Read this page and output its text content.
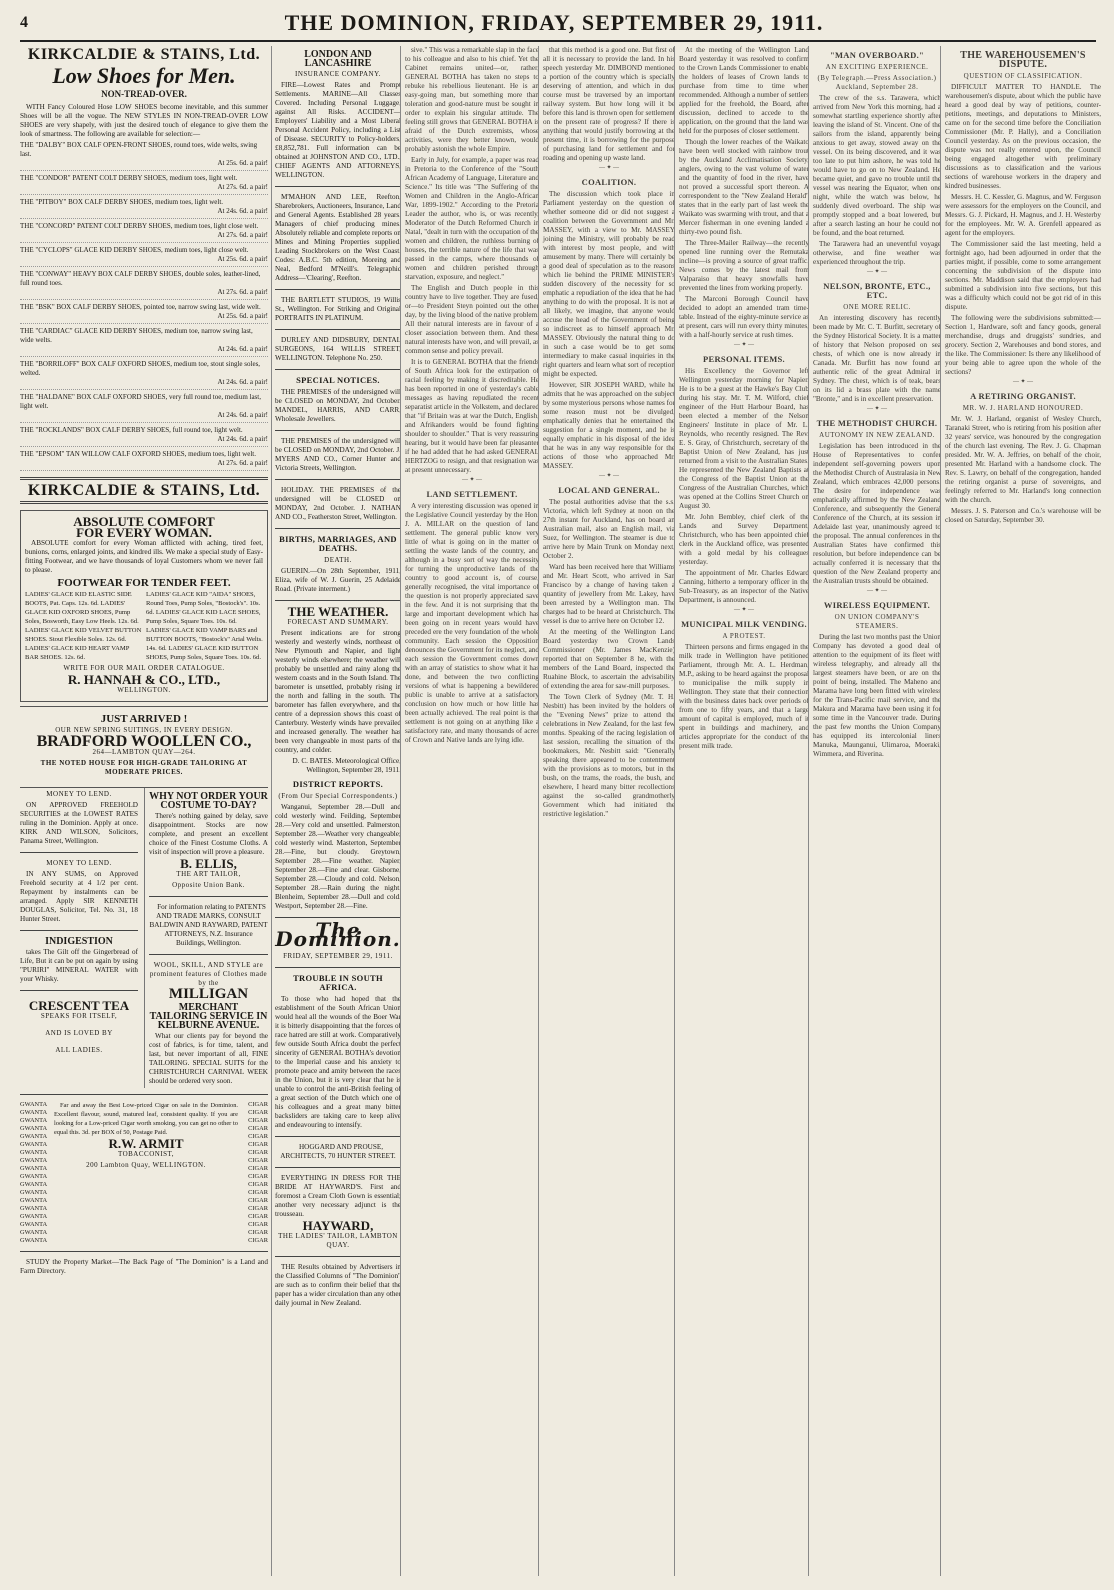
4	THE DOMINION, FRIDAY, SEPTEMBER 29, 1911.
KIRKCALDIE & STAINS, Ltd.
Low Shoes for Men.
NON-TREAD-OVER.

WITH Fancy Coloured Hose LOW SHOES become inevitable, and this summer Shoes will be all the vogue. The NEW STYLES IN NON-TREAD-OVER LOW SHOES are very shapely, with just the desired touch of elegance to give them the look of smartness. The following are available for selection:—

THE "DALBY" BOX CALF OPEN-FRONT SHOES, round toes, wide welts, swing last.

At 25s. 6d. a pair!
THE "CONDOR" PATENT COLT DERBY SHOES, medium toes, light welt.

At 27s. 6d. a pair!
THE "PITBOY" BOX CALF DERBY SHOES, medium toes, light welt.

At 24s. 6d. a pair!
THE "CONCORD" PATENT COLT DERBY SHOES, medium toes, light close welt.

At 27s. 6d. a pair!
THE "CYCLOPS" GLACE KID DERBY SHOES, medium toes, light close welt.

At 25s. 6d. a pair!
THE "CONWAY" HEAVY BOX CALF DERBY SHOES, double soles, leather-lined, full round toes.

At 27s. 6d. a pair!
THE "BSK" BOX CALF DERBY SHOES, pointed toe, narrow swing last, wide welt.

At 25s. 6d. a pair!
THE "CARDIAC" GLACE KID DERBY SHOES, medium toe, narrow swing last, wide welts.

At 24s. 6d. a pair!
THE "BORRILOFF" BOX CALF OXFORD SHOES, medium toe, stout single soles, welted.

At 24s. 6d. a pair!
THE "HALDANE" BOX CALF OXFORD SHOES, very full round toe, medium last, light welt.

At 24s. 6d. a pair!
THE "ROCKLANDS" BOX CALF DERBY SHOES, full round toe, light welt.

At 24s. 6d. a pair!
THE "EPSOM" TAN WILLOW CALF OXFORD SHOES, medium toes, light welt.

At 27s. 6d. a pair!
KIRKCALDIE & STAINS, Ltd.
ABSOLUTE COMFORT
FOR EVERY WOMAN.

ABSOLUTE comfort for every Woman afflicted with aching, tired feet, bunions, corns, enlarged joints, and kindred ills. We make a special study of Easy-fitting Footwear, and we have thousands of loyal Customers whom we never fail to please.

FOOTWEAR FOR TENDER FEET.
LADIES' GLACE KID ELASTIC SIDE BOOTS, Pat. Caps. 12s. 6d. LADIES' GLACE KID OXFORD SHOES, Pump Soles, Bosworth, Easy Low Heels. 12s. 6d. LADIES' GLACE KID VELVET BUTTON SHOES. Stout Flexible Soles. 12s. 6d. LADIES' GLACE KID HEART VAMP BAR SHOES. 12s. 6d.
LADIES' GLACE KID "AIDA" SHOES, Round Toes, Pump Soles, "Bostock's". 10s. 6d. LADIES' GLACE KID LACE SHOES, Pump Soles, Square Toes. 10s. 6d. LADIES' GLACE KID VAMP BARS and BUTTON BOOTS, "Bostock's" Arial Welts. 14s. 6d. LADIES' GLACE KID BUTTON SHOES, Pump Soles, Square Toes. 10s. 6d.
WRITE FOR OUR MAIL ORDER CATALOGUE.
R. HANNAH & CO., LTD.,
WELLINGTON.
JUST ARRIVED !
OUR NEW SPRING SUITINGS, IN EVERY DESIGN.
BRADFORD WOOLLEN CO.,
264—LAMBTON QUAY—264.
THE NOTED HOUSE FOR HIGH-GRADE TAILORING AT MODERATE PRICES.
MONEY TO LEND.

ON APPROVED FREEHOLD SECURITIES at the LOWEST RATES ruling in the Dominion. Apply at once. KIRK AND WILSON, Solicitors, Panama Street, Wellington.

MONEY TO LEND.

IN ANY SUMS, on Approved Freehold security at 4 1/2 per cent. Repayment by instalments can be arranged. Apply SIR KENNETH DOUGLAS, Solicitor, Tel. No. 31, 18 Hunter Street.

INDIGESTION

takes The Gilt off the Gingerbread of Life, But it can be put on again by using "PURIRI" MINERAL WATER with your Whisky.

CRESCENT TEA
SPEAKS FOR ITSELF,
AND IS LOVED BY
ALL LADIES.
WHY NOT ORDER YOUR COSTUME TO-DAY?

There's nothing gained by delay, save disappointment. Stocks are now complete, and present an excellent choice of the Finest Costume Cloths. A visit of inspection will prove a pleasure.

B. ELLIS,
THE ART TAILOR,
Opposite Union Bank.

For information relating to PATENTS AND TRADE MARKS, CONSULT BALDWIN AND RAYWARD, PATENT ATTORNEYS, N.Z. Insurance Buildings, Wellington.

WOOL, SKILL, AND STYLE are prominent features of Clothes made by the
MILLIGAN
MERCHANT TAILORING SERVICE IN KELBURNE AVENUE.

What our clients pay for beyond the cost of fabrics, is for time, talent, and last, but never important of all, FINE TAILORING. SPECIAL SUITS for the CHRISTCHURCH CARNIVAL WEEK should be ordered very soon.

GWANTA
GWANTA
GWANTA
GWANTA
GWANTA
GWANTA
GWANTA
GWANTA
GWANTA
GWANTA
GWANTA
GWANTA
GWANTA
GWANTA
GWANTA
GWANTA
GWANTA
GWANTA

Far and away the Best Low-priced Cigar on sale in the Dominion. Excellent flavour, sound, matured leaf, consistent quality. If you are looking for a Low-priced Cigar worth smoking, you can get no other to equal this. 3d. per BOX of 50, Postage Paid.

R.W. ARMIT
TOBACCONIST,
200 Lambton Quay, WELLINGTON.
CIGAR
CIGAR
CIGAR
CIGAR
CIGAR
CIGAR
CIGAR
CIGAR
CIGAR
CIGAR
CIGAR
CIGAR
CIGAR
CIGAR
CIGAR
CIGAR
CIGAR
CIGAR

STUDY the Property Market—The Back Page of "The Dominion" is a Land and Farm Directory.

LONDON AND LANCASHIRE
INSURANCE COMPANY.

FIRE—Lowest Rates and Prompt Settlements. MARINE—All Classes Covered. Including Personal Luggage, against All Risks. ACCIDENT—Employers' Liability and a Most Liberal Personal Accident Policy, including a List of Disease. SECURITY to Policy-holders, £8,852,781. Full information can be obtained at JOHNSTON AND CO., LTD., CHIEF AGENTS AND ATTORNEYS, WELLINGTON.

M'MAHON AND LEE, Reefton, Sharebrokers, Auctioneers, Insurance, Land and General Agents. Established 28 years. Managers of chief producing mines. Absolutely reliable and complete reports on Mines and Mining Properties supplied. Leading Stockbrokers on the West Coast. Codes: A.B.C. 5th edition, Moreing and Neal, Bedford M'Neill's. Telegraphic Address—'Clearing', Reefton.

THE BARTLETT STUDIOS, 19 Willis St., Wellington. For Striking and Original PORTRAITS IN PLATINUM.

DURLEY AND DIDSBURY, DENTAL SURGEONS, 164 WILLIS STREET, WELLINGTON. Telephone No. 250.

SPECIAL NOTICES.

THE PREMISES of the undersigned will be CLOSED on MONDAY, 2nd October. MANDEL, HARRIS, AND CARR, Wholesale Jewellers.

THE PREMISES of the undersigned will be CLOSED on MONDAY, 2nd October. J. MYERS AND CO., Corner Hunter and Victoria Streets, Wellington.

HOLIDAY. THE PREMISES of the undersigned will be CLOSED on MONDAY, 2nd October. J. NATHAN AND CO., Featherston Street, Wellington.

BIRTHS, MARRIAGES, AND DEATHS.
DEATH.

GUERIN.—On 28th September, 1911, Eliza, wife of W. J. Guerin, 25 Adelaide Road. (Private interment.)

THE WEATHER.
FORECAST AND SUMMARY.

Present indications are for strong westerly and westerly winds, northeast of New Plymouth and Napier, and light westerly winds elsewhere; the weather will probably be unsettled and rainy along the western coasts and in the South Island. The barometer is unsettled, probably rising in the north and falling in the south. The barometer has fallen everywhere, and the centre of a depression shows this coast of Canterbury. Westerly winds have prevailed and increased generally. The weather has been very changeable in most parts of the country, and colder.

D. C. BATES. Meteorological Office, Wellington, September 28, 1911.

DISTRICT REPORTS.
(From Our Special Correspondents.)

Wanganui, September 28.—Dull and cold westerly wind. Feilding, September 28.—Very cold and unsettled. Palmerston, September 28.—Weather very changeable; cold westerly wind. Masterton, September 28.—Fine, but cloudy. Greytown, September 28.—Fine weather. Napier, September 28.—Fine and clear. Gisborne, September 28.—Cloudy and cold. Nelson, September 28.—Rain during the night. Blenheim, September 28.—Dull and cold. Westport, September 28.—Fine.

The Dominion.
FRIDAY, SEPTEMBER 29, 1911.
TROUBLE IN SOUTH AFRICA.

To those who had hoped that the establishment of the South African Union would heal all the wounds of the Boer War it is bitterly disappointing that the forces of race hatred are still at work. Comparatively few outside South Africa doubt the perfect sincerity of GENERAL BOTHA's devotion to the Imperial cause and his anxiety to promote peace and amity between the races in the Union, but it is very clear that he is unable to control the anti-British feeling of a great section of the Dutch which one of his colleagues and a great many bitter backsliders are taking care to keep alive and endeavouring to intensify.

HOGGARD AND PROUSE, ARCHITECTS, 70 HUNTER STREET.

EVERYTHING IN DRESS FOR THE BRIDE AT HAYWARD'S. First and foremost a Cream Cloth Gown is essential; another very necessary adjunct is the trousseau.

HAYWARD,
THE LADIES' TAILOR, LAMBTON QUAY.

THE Results obtained by Advertisers in the Classified Columns of "The Dominion" are such as to confirm their belief that the paper has a wider circulation than any other daily journal in New Zealand.

sive." This was a remarkable slap in the face to his colleague and also to his chief. Yet the Cabinet remains united—or, rather, GENERAL BOTHA has taken no steps to rebuke his rebellious lieutenant. He is an easy-going man, but something more than toleration and good-nature must be sought in order to explain his singular attitude. The feeling still grows that GENERAL BOTHA is afraid of the Dutch extremists, whose activities, were they better known, would probably astonish the whole Empire.

Early in July, for example, a paper was read in Pretoria to the Conference of the "South African Academy of Language, Literature and Science." Its title was "The Suffering of the Women and Children in the Anglo-African War, 1899-1902." According to the Pretoria Leader the author, who is, or was recently, Moderator of the Dutch Reformed Church in Natal, "dealt in turn with the occupation of the women and children, the ruthless burning of houses, the terrible nature of the life that was passed in the camps, where thousands of women and children perished through starvation, exposure, and neglect."

The English and Dutch people in this country have to live together. They are fused, or—to President Steyn pointed out the other day, by the living blood of the native problem. All their natural interests are in favour of a closer association between them. And these natural interests have won, and will prevail, as common sense and policy prevail.

It is to GENERAL BOTHA that the friends of South Africa look for the extirpation of racial feeling by making it discreditable. He has been reported in one of yesterday's cable messages as having repudiated the recent separatist article in the Volkstem, and declared that "if Britain was at war the Dutch, English, and Afrikanders would be found fighting shoulder to shoulder." That is very reassuring hearing, but it would have been far pleasanter if he had added that he had asked GENERAL HERTZOG to resign, and that resignation was at present unnecessary.

— ✦ —
LAND SETTLEMENT.

A very interesting discussion was opened in the Legislative Council yesterday by the Hon. J. A. MILLAR on the question of land settlement. The general public know very little of what is going on in the matter of settling the waste lands of the country, and although in a busy sort of way the necessity for turning the unproductive lands of the country to good account is, of course, generally recognised, the vital importance of the question is not properly appreciated save in the few. And it is not surprising that the large and important development which has been going on in recent years would have preceded ere the very foundation of the whole community. Each session the Opposition denounces the Government for its neglect, and each session the Government comes down with an array of statistics to show what it has done, and between the two conflicting versions of what is happening a bewildered public is unable to arrive at a satisfactory conclusion on how much or how little has been actually achieved. The real point is that settlement is not going on at anything like a satisfactory rate, and many thousands of acres of Crown and Native lands are lying idle.

that this method is a good one. But first of all it is necessary to provide the land. In his speech yesterday Mr. DIMBOND mentioned a portion of the country which is specially deserving of attention, and which in due course must be traversed by an important railway system. But how long will it be before this land is thrown open for settlement on the present rate of progress? If there is anything that would justify borrowing at the present time, it is borrowing for the purpose of purchasing land for settlement and for roading and opening up waste land.

— ✦ —
COALITION.

The discussion which took place in Parliament yesterday on the question of whether someone did or did not suggest a coalition between the Government and Mr. MASSEY, with a view to Mr. MASSEY joining the Ministry, will probably be read with interest by most people, and with amusement by many. There will certainly be a good deal of speculation as to the reasons which lie behind the PRIME MINISTER's sudden discovery of the necessity for so emphatic a repudiation of the idea that he had anything to do with the proposal. It is not at all likely, we imagine, that anyone would accuse the head of the Government of being so indiscreet as to himself approach Mr. MASSEY. Obviously the natural thing to do in such a case would be to get some intermediary to make casual inquiries in the right quarters and learn what sort of reception might be expected.

However, SIR JOSEPH WARD, while he admits that he was approached on the subject by some mysterious persons whose names for some reason must not be divulged, emphatically denies that he entertained the suggestion for a single moment, and he is equally emphatic in his disposal of the idea that he was in any way responsible for the actions of those who approached Mr. MASSEY.

— ✦ —
LOCAL AND GENERAL.

The postal authorities advise that the s.s. Victoria, which left Sydney at noon on the 27th instant for Auckland, has on board an Australian mail, also an English mail, via Suez, for Wellington. The steamer is due to arrive here by Main Trunk on Monday next, October 2.

Ward has been received here that Williams and Mr. Heart Scott, who arrived in San Francisco by a change of having taken a quantity of jewellery from Mr. Lakey, have been arrested by a Wellington man. The charges had to be heard at Christchurch. The vessel is due to arrive here on October 12.

At the meeting of the Wellington Land Board yesterday two Crown Lands Commissioner (Mr. James MacKenzie) reported that on September 8 he, with the members of the Land Board, inspected the Ruahine Block, to ascertain the advisability of extending the area for saw-mill purposes.

The Town Clerk of Sydney (Mr. T. H. Nesbitt) has been invited by the holders of the "Evening News" prize to attend the celebrations in New Zealand, for the last few months. Speaking of the racing legislation of last session, recalling the situation of the bookmakers, Mr. Nesbitt said: "Generally speaking there appeared to be contentment with the provisions as to motors, but in the bush, on the trams, the roads, the bush, and elsewhere, I heard many bitter recollections against the so-called grandmotherly Government which had initiated the restrictive legislation."

At the meeting of the Wellington Land Board yesterday it was resolved to confirm to the Crown Lands Commissioner to enable the holders of leases of Crown lands to purchase from time to time when recommended. Although a number of settlers applied for the freehold, the Board, after discussion, declined to accede to the application, on the ground that the land was held for the purposes of closer settlement.

Though the lower reaches of the Waikato have been well stocked with rainbow trout by the Auckland Acclimatisation Society, anglers, owing to the vast volume of water and the quantity of food in the river, have not proved a successful sport thereon. A correspondent to the "New Zealand Herald" states that in the early part of last week the Waikato was swarming with trout, and that a Mercer fisherman in one evening landed a thirty-two pound fish.

The Three-Mailer Railway—the recently opened line running over the Remutaka incline—is proving a source of great traffic. News comes by the latest mail from Valparaiso that heavy snowfalls have prevented the lines from working properly.

The Marconi Borough Council have decided to adopt an amended tram time-table. Instead of the eighty-minute service as at present, cars will run every thirty minutes, with a half-hourly service at rush times.

— ✦ —
PERSONAL ITEMS.

His Excellency the Governor left Wellington yesterday morning for Napier. He is to be a guest at the Hawke's Bay Club during his stay. Mr. T. M. Wilford, chief engineer of the Hutt Harbour Board, has been elected a member of the Nelson Engineers' Institute in place of Mr. L. Reynolds, who recently resigned. The Rev. E. S. Gray, of Christchurch, secretary of the Baptist Union of New Zealand, has just returned from a visit to the Australian States. He represented the New Zealand Baptists at the Congress of the Baptist Union at the Congress of the Australian Churches, which was opened at the Collins Street Church on August 30.

Mr. John Bembley, chief clerk of the Lands and Survey Department, Christchurch, who has been appointed chief clerk in the Auckland office, was presented with a gold medal by his colleagues yesterday.

The appointment of Mr. Charles Edward Canning, hitherto a temporary officer in the Sub-Treasury, as an inspector of the Native Department, is announced.

— ✦ —
MUNICIPAL MILK VENDING.
A PROTEST.

Thirteen persons and firms engaged in the milk trade in Wellington have petitioned Parliament, through Mr. A. L. Herdman, M.P., asking to be heard against the proposal to municipalise the milk supply in Wellington. They state that their connection with the business dates back over periods of from one to fifty years, and that a large amount of capital is employed, much of it spent in buildings and machinery, and articles appropriate for the conduct of the present milk trade.

"MAN OVERBOARD."
AN EXCITING EXPERIENCE.
(By Telegraph.—Press Association.) Auckland, September 28.

The crew of the s.s. Tarawera, which arrived from New York this morning, had a somewhat startling experience shortly after leaving the island of St. Vincent. One of the sailors from the island, apparently being anxious to get away, stowed away on the vessel. On its being discovered, and it was too late to put him ashore, he was told he would have to go on to New Zealand. He became quiet, and gave no trouble until the vessel was nearing the Equator, when one night, while the watch was below, he suddenly dived overboard. The ship was promptly stopped and a boat lowered, but after a search lasting an hour he could not be found, and the boat returned.

The Tarawera had an uneventful voyage otherwise, and fine weather was experienced throughout the trip.

— ✦ —
NELSON, BRONTE, ETC., ETC.
ONE MORE RELIC.

An interesting discovery has recently been made by Mr. C. T. Burfitt, secretary of the Sydney Historical Society. It is a matter of history that Nelson proposed on sea chests, of which one is now already in Canada. Mr. Burfitt has now found an authentic relic of the great Admiral in Sydney. The chest, which is of teak, bears on its lid a brass plate with the name "Bronte," and is in excellent preservation.

— ✦ —
THE METHODIST CHURCH.
AUTONOMY IN NEW ZEALAND.

Legislation has been introduced in the House of Representatives to confer independent self-governing powers upon the Methodist Church of Australasia in New Zealand, which embraces 42,000 persons. The desire for independence was emphatically affirmed by the New Zealand Conference, and subsequently the General Conference of the Church, at its session in Adelaide last year, unanimously agreed to the proposal. The annual conferences in the Australian States have confirmed this resolution, but before independence can be actually conferred it is necessary that the question of the New Zealand property and the Australian trusts should be obtained.

— ✦ —
WIRELESS EQUIPMENT.
ON UNION COMPANY'S STEAMERS.

During the last two months past the Union Company has devoted a good deal of attention to the equipment of its fleet with wireless telegraphy, and already all the largest steamers have been, or are on the point of being, installed. The Maheno and Marama have long been fitted with wireless for the Trans-Pacific mail service, and the Makura and Marama have been using it for some time in the Vancouver trade. During the past few months the Union Company has equipped its intercolonial liners Manuka, Maunganui, Ulimaroa, Moeraki, Wimmera, and Riverina.

THE WAREHOUSEMEN'S DISPUTE.
QUESTION OF CLASSIFICATION.

DIFFICULT MATTER TO HANDLE. The warehousemen's dispute, about which the public have heard a good deal by way of petitions, counter-petitions, meetings, and deputations to Ministers, came on for the second time before the Conciliation Commissioner (Mr. P. Hally), and a Conciliation Council yesterday. As on the previous occasion, the dispute was not really entered upon, the Council being engaged altogether with preliminary discussions as to classification and the various sections of warehouse workers in the drapery and kindred businesses.

Messrs. H. C. Kessler, G. Magnus, and W. Ferguson were assessors for the employers on the Council, and Messrs. G. J. Pickard, H. Magnus, and J. H. Westerby for the employees. Mr. W. A. Grenfell appeared as agent for the employers.

The Commissioner said the last meeting, held a fortnight ago, had been adjourned in order that the parties might, if possible, come to some arrangement concerning the subdivision of the dispute into sections. Mr. Maddison said that the employers had submitted a subdivision into five sections, but this was a difficulty which could not be got rid of in this dispute.

The following were the subdivisions submitted:— Section 1, Hardware, soft and fancy goods, general merchandise, drugs and druggists' sundries, and grocery. Section 2, Warehouses and bond stores, and the like. The Commissioner: Is there any likelihood of your being able to agree upon the whole of the sections?

— ✦ —
A RETIRING ORGANIST.
MR. W. J. HARLAND HONOURED.

Mr. W. J. Harland, organist of Wesley Church, Taranaki Street, who is retiring from his position after 32 years' service, was honoured by the congregation of the church last evening. The Rev. J. G. Chapman presided. Mr. W. A. Jeffries, on behalf of the choir, presented Mr. Harland with a handsome clock. The Rev. S. Lawry, on behalf of the congregation, handed the retiring organist a purse of sovereigns, and feelingly referred to Mr. Harland's long connection with the church.

Messrs. J. S. Paterson and Co.'s warehouse will be closed on Saturday, September 30.
